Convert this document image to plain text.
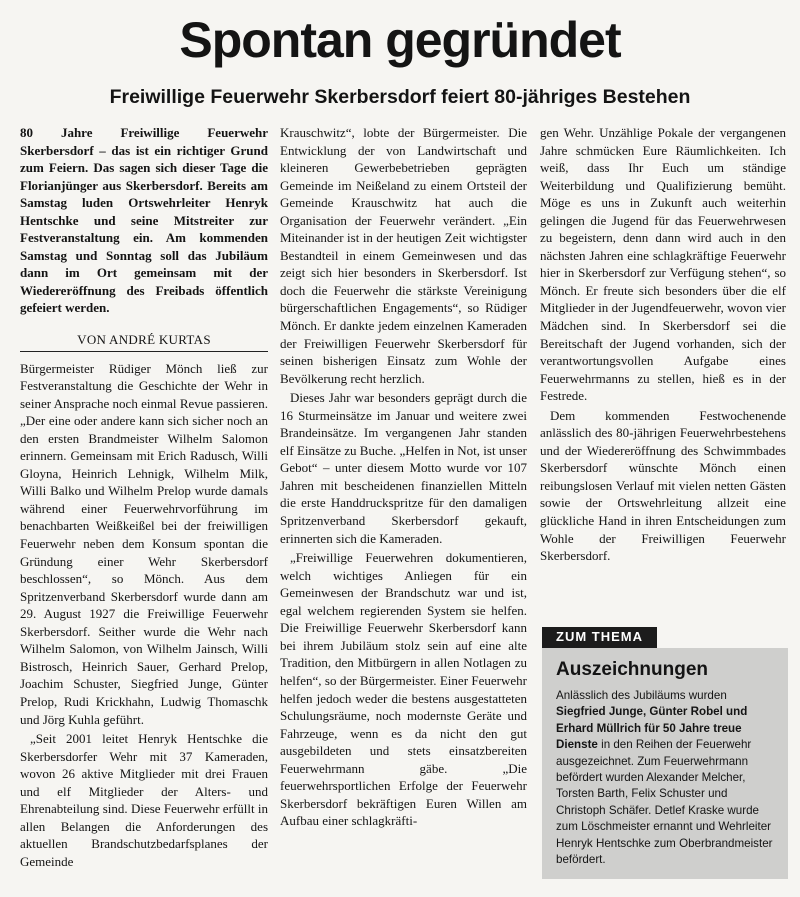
Spontan gegründet
Freiwillige Feuerwehr Skerbersdorf feiert 80-jähriges Bestehen

80 Jahre Freiwillige Feuerwehr Skerbersdorf – das ist ein richtiger Grund zum Feiern. Das sagen sich dieser Tage die Florianjünger aus Skerbersdorf. Bereits am Samstag luden Ortswehrleiter Henryk Hentschke und seine Mitstreiter zur Festveranstaltung ein. Am kommenden Samstag und Sonntag soll das Jubiläum dann im Ort gemeinsam mit der Wiedereröffnung des Freibads öffentlich gefeiert werden.

VON ANDRÉ KURTAS

Bürgermeister Rüdiger Mönch ließ zur Festveranstaltung die Geschichte der Wehr in seiner Ansprache noch einmal Revue passieren. „Der eine oder andere kann sich sicher noch an den ersten Brandmeister Wilhelm Salomon erinnern. Gemeinsam mit Erich Radusch, Willi Gloyna, Heinrich Lehnigk, Wilhelm Milk, Willi Balko und Wilhelm Prelop wurde damals während einer Feuerwehrvorführung im benachbarten Weißkeißel bei der freiwilligen Feuerwehr neben dem Konsum spontan die Gründung einer Wehr Skerbersdorf beschlossen“, so Mönch. Aus dem Spritzenverband Skerbersdorf wurde dann am 29. August 1927 die Freiwillige Feuerwehr Skerbersdorf. Seither wurde die Wehr nach Wilhelm Salomon, von Wilhelm Jainsch, Willi Bistrosch, Heinrich Sauer, Gerhard Prelop, Joachim Schuster, Siegfried Junge, Günter Prelop, Rudi Krickhahn, Ludwig Thomaschk und Jörg Kuhla geführt.

„Seit 2001 leitet Henryk Hentschke die Skerbersdorfer Wehr mit 37 Kameraden, wovon 26 aktive Mitglieder mit drei Frauen und elf Mitglieder der Alters- und Ehrenabteilung sind. Diese Feuerwehr erfüllt in allen Belangen die Anforderungen des aktuellen Brandschutzbedarfsplanes der Gemeinde

Krauschwitz“, lobte der Bürgermeister. Die Entwicklung der von Landwirtschaft und kleineren Gewerbebetrieben geprägten Gemeinde im Neißeland zu einem Ortsteil der Gemeinde Krauschwitz hat auch die Organisation der Feuerwehr verändert. „Ein Miteinander ist in der heutigen Zeit wichtigster Bestandteil in einem Gemeinwesen und das zeigt sich hier besonders in Skerbersdorf. Ist doch die Feuerwehr die stärkste Vereinigung bürgerschaftlichen Engagements“, so Rüdiger Mönch. Er dankte jedem einzelnen Kameraden der Freiwilligen Feuerwehr Skerbersdorf für seinen bisherigen Einsatz zum Wohle der Bevölkerung recht herzlich.

Dieses Jahr war besonders geprägt durch die 16 Sturmeinsätze im Januar und weitere zwei Brandeinsätze. Im vergangenen Jahr standen elf Einsätze zu Buche. „Helfen in Not, ist unser Gebot“ – unter diesem Motto wurde vor 107 Jahren mit bescheidenen finanziellen Mitteln die erste Handdruckspritze für den damaligen Spritzenverband Skerbersdorf gekauft, erinnerten sich die Kameraden.

„Freiwillige Feuerwehren dokumentieren, welch wichtiges Anliegen für ein Gemeinwesen der Brandschutz war und ist, egal welchem regierenden System sie helfen. Die Freiwillige Feuerwehr Skerbersdorf kann bei ihrem Jubiläum stolz sein auf eine alte Tradition, den Mitbürgern in allen Notlagen zu helfen“, so der Bürgermeister. Einer Feuerwehr helfen jedoch weder die bestens ausgestatteten Schulungsräume, noch modernste Geräte und Fahrzeuge, wenn es da nicht den gut ausgebildeten und stets einsatzbereiten Feuerwehrmann gäbe. „Die feuerwehrsportlichen Erfolge der Feuerwehr Skerbersdorf bekräftigen Euren Willen am Aufbau einer schlagkräfti-

gen Wehr. Unzählige Pokale der vergangenen Jahre schmücken Eure Räumlichkeiten. Ich weiß, dass Ihr Euch um ständige Weiterbildung und Qualifizierung bemüht. Möge es uns in Zukunft auch weiterhin gelingen die Jugend für das Feuerwehrwesen zu begeistern, denn dann wird auch in den nächsten Jahren eine schlagkräftige Feuerwehr hier in Skerbersdorf zur Verfügung stehen“, so Mönch. Er freute sich besonders über die elf Mitglieder in der Jugendfeuerwehr, wovon vier Mädchen sind. In Skerbersdorf sei die Bereitschaft der Jugend vorhanden, sich der verantwortungsvollen Aufgabe eines Feuerwehrmanns zu stellen, hieß es in der Festrede.

Dem kommenden Festwochenende anlässlich des 80-jährigen Feuerwehrbestehens und der Wiedereröffnung des Schwimmbades Skerbersdorf wünschte Mönch einen reibungslosen Verlauf mit vielen netten Gästen sowie der Ortswehrleitung allzeit eine glückliche Hand in ihren Entscheidungen zum Wohle der Freiwilligen Feuerwehr Skerbersdorf.

ZUM THEMA
Auszeichnungen

Anlässlich des Jubiläums wurden Siegfried Junge, Günter Robel und Erhard Müllrich für 50 Jahre treue Dienste in den Reihen der Feuerwehr ausgezeichnet. Zum Feuerwehrmann befördert wurden Alexander Melcher, Torsten Barth, Felix Schuster und Christoph Schäfer. Detlef Kraske wurde zum Löschmeister ernannt und Wehrleiter Henryk Hentschke zum Oberbrandmeister befördert.
